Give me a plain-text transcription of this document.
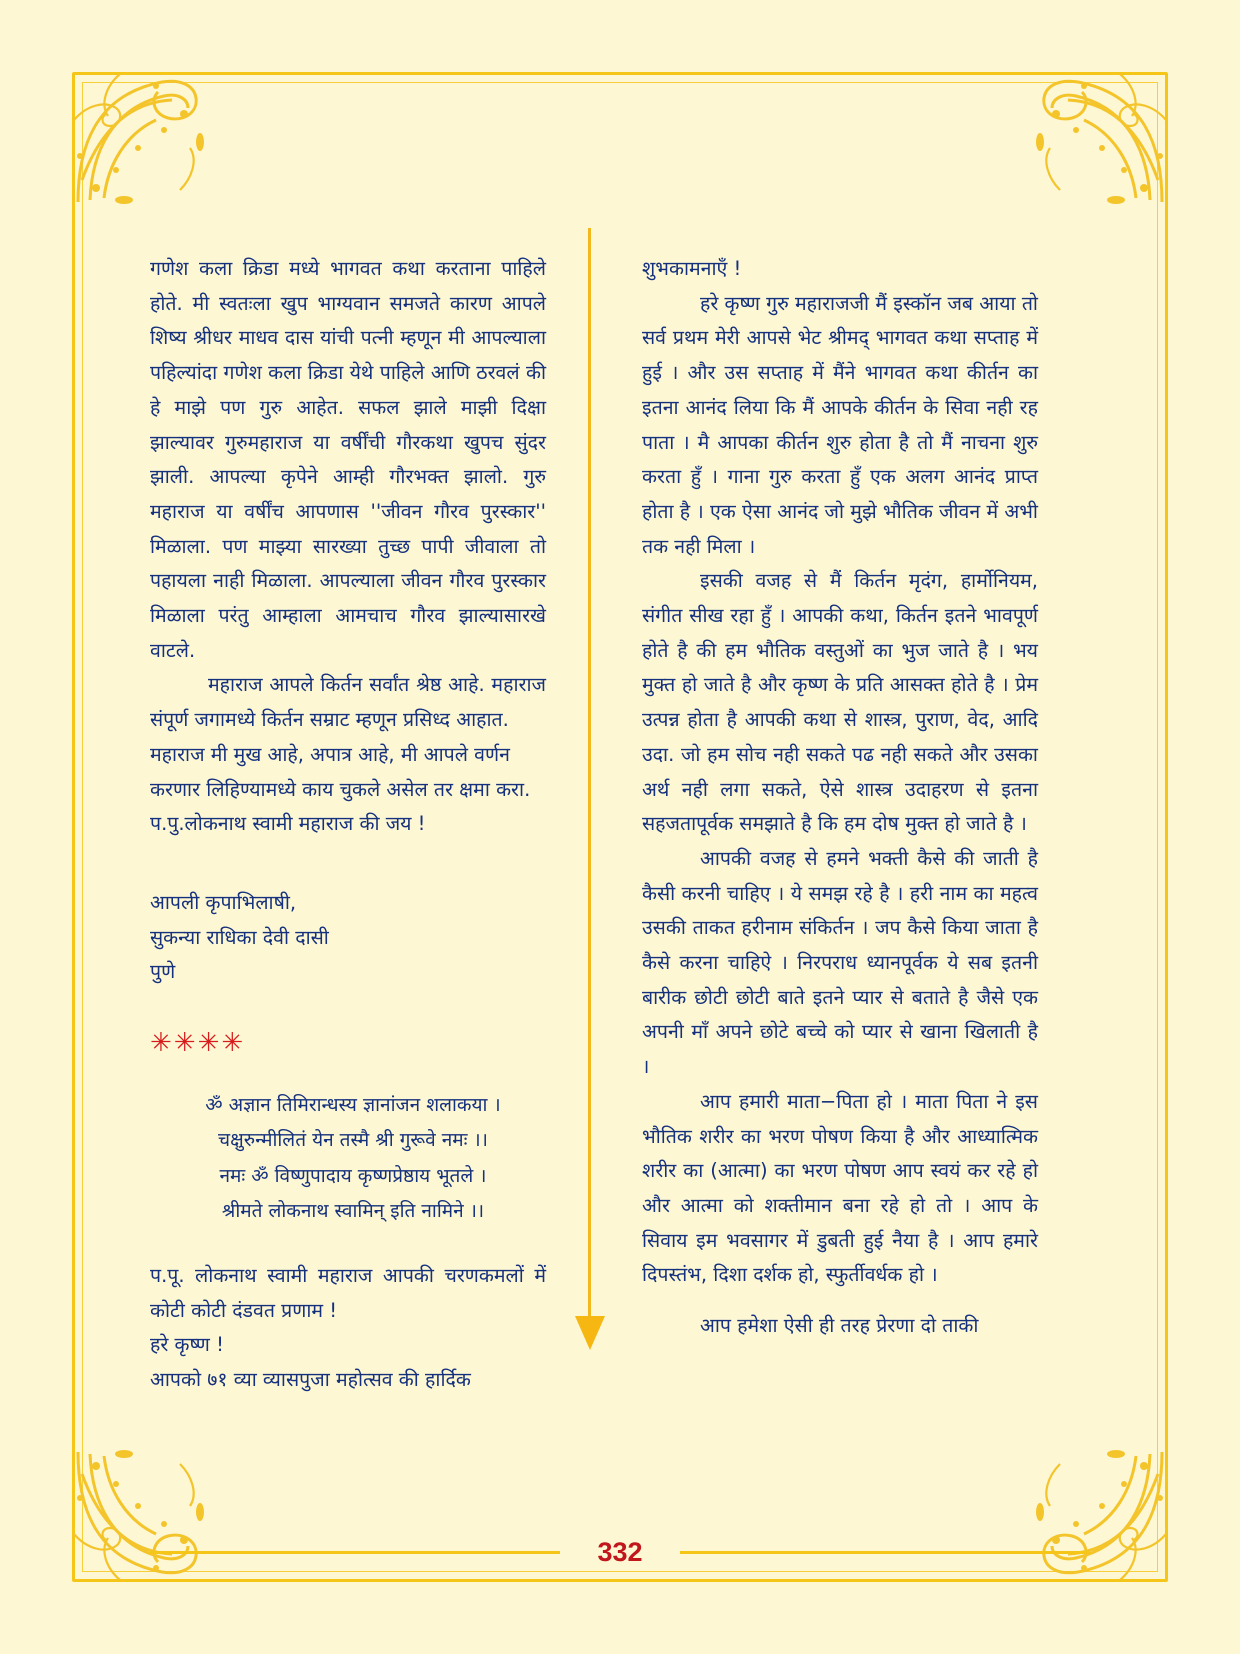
गणेश कला क्रिडा मध्ये भागवत कथा करताना पाहिले होते. मी स्वतःला खुप भाग्यवान समजते कारण आपले शिष्य श्रीधर माधव दास यांची पत्नी म्हणून मी आपल्याला पहिल्यांदा गणेश कला क्रिडा येथे पाहिले आणि ठरवलं की हे माझे पण गुरु आहेत. सफल झाले माझी दिक्षा झाल्यावर गुरुमहाराज या वर्षींची गौरकथा खुपच सुंदर झाली. आपल्या कृपेने आम्ही गौरभक्त झालो. गुरु महाराज या वर्षींच आपणास ''जीवन गौरव पुरस्कार'' मिळाला. पण माझ्या सारख्या तुच्छ पापी जीवाला तो पहायला नाही मिळाला. आपल्याला जीवन गौरव पुरस्कार मिळाला परंतु आम्हाला आमचाच गौरव झाल्यासारखे वाटले.

महाराज आपले कि‍र्तन सर्वांत श्रेष्ठ आहे. महाराज संपूर्ण जगामध्ये कि‍र्तन सम्राट म्हणून प्रसिध्द आहात.

महाराज मी मुख आहे, अपात्र आहे, मी आपले वर्णन करणार लिहिण्यामध्ये काय चुकले असेल तर क्षमा करा.

प.पु.लोकनाथ स्वामी महाराज की जय !

आपली कृपाभिलाषी,

सुकन्या राधिका देवी दासी

पुणे

✳✳✳✳

ॐ अज्ञान तिमिरान्धस्य ज्ञानांजन शलाकया ।

चक्षुरुन्मीलितं येन तस्मै श्री गुरूवे नमः ।।

नमः ॐ विष्णुपादाय कृष्णप्रेष्ठाय भूतले ।

श्रीमते लोकनाथ स्वामिन् इति नामिने ।।

प.पू. लोकनाथ स्वामी महाराज आपकी चरणकमलों में कोटी कोटी दंडवत प्रणाम !

हरे कृष्ण !

आपको ७१ व्या व्यासपुजा महोत्सव की हार्दिक

शुभकामनाएँ !

हरे कृष्ण गुरु महाराजजी मैं इस्कॉन जब आया तो सर्व प्रथम मेरी आपसे भेट श्रीमद् भागवत कथा सप्ताह में हुई । और उस सप्ताह में मैंने भागवत कथा कीर्तन का इतना आनंद लिया कि मैं आपके कीर्तन के सिवा नही रह पाता । मै आपका कीर्तन शुरु होता है तो मैं नाचना शुरु करता हुँ । गाना गुरु करता हुँ एक अलग आनंद प्राप्त होता है । एक ऐसा आनंद जो मुझे भौतिक जीवन में अभी तक नही मिला ।

इसकी वजह से मैं कि‍र्तन मृदंग, हार्मोनियम, संगीत सीख रहा हुँ । आपकी कथा, कि‍र्तन इतने भावपूर्ण होते है की हम भौतिक वस्तुओं का भुज जाते है । भय मुक्त हो जाते है और कृष्ण के प्रति आसक्त होते है । प्रेम उत्पन्न होता है आपकी कथा से शास्त्र, पुराण, वेद, आदि उदा. जो हम सोच नही सकते पढ नही सकते और उसका अर्थ नही लगा सकते, ऐसे शास्त्र उदाहरण से इतना सहजतापूर्वक समझाते है कि हम दोष मुक्त हो जाते है ।

आपकी वजह से हमने भक्ती कैसे की जाती है कैसी करनी चाहिए । ये समझ रहे है । हरी नाम का महत्व उसकी ताकत हरीनाम संकिर्तन । जप कैसे किया जाता है कैसे करना चाहिऐ । निरपराध ध्यानपूर्वक ये सब इतनी बारीक छोटी छोटी बाते इतने प्यार से बताते है जैसे एक अपनी माँ अपने छोटे बच्चे को प्यार से खाना खिलाती है ।

आप हमारी माता−पिता हो । माता पिता ने इस भौतिक शरीर का भरण पोषण किया है और आध्यात्मिक शरीर का (आत्मा) का भरण पोषण आप स्वयं कर रहे हो और आत्मा को शक्तीमान बना रहे हो तो । आप के सिवाय इम भवसागर में डुबती हुई नैया है । आप हमारे दिपस्तंभ, दिशा दर्शक हो, स्फुर्तीवर्धक हो ।

आप हमेशा ऐसी ही तरह प्रेरणा दो ताकी

332
